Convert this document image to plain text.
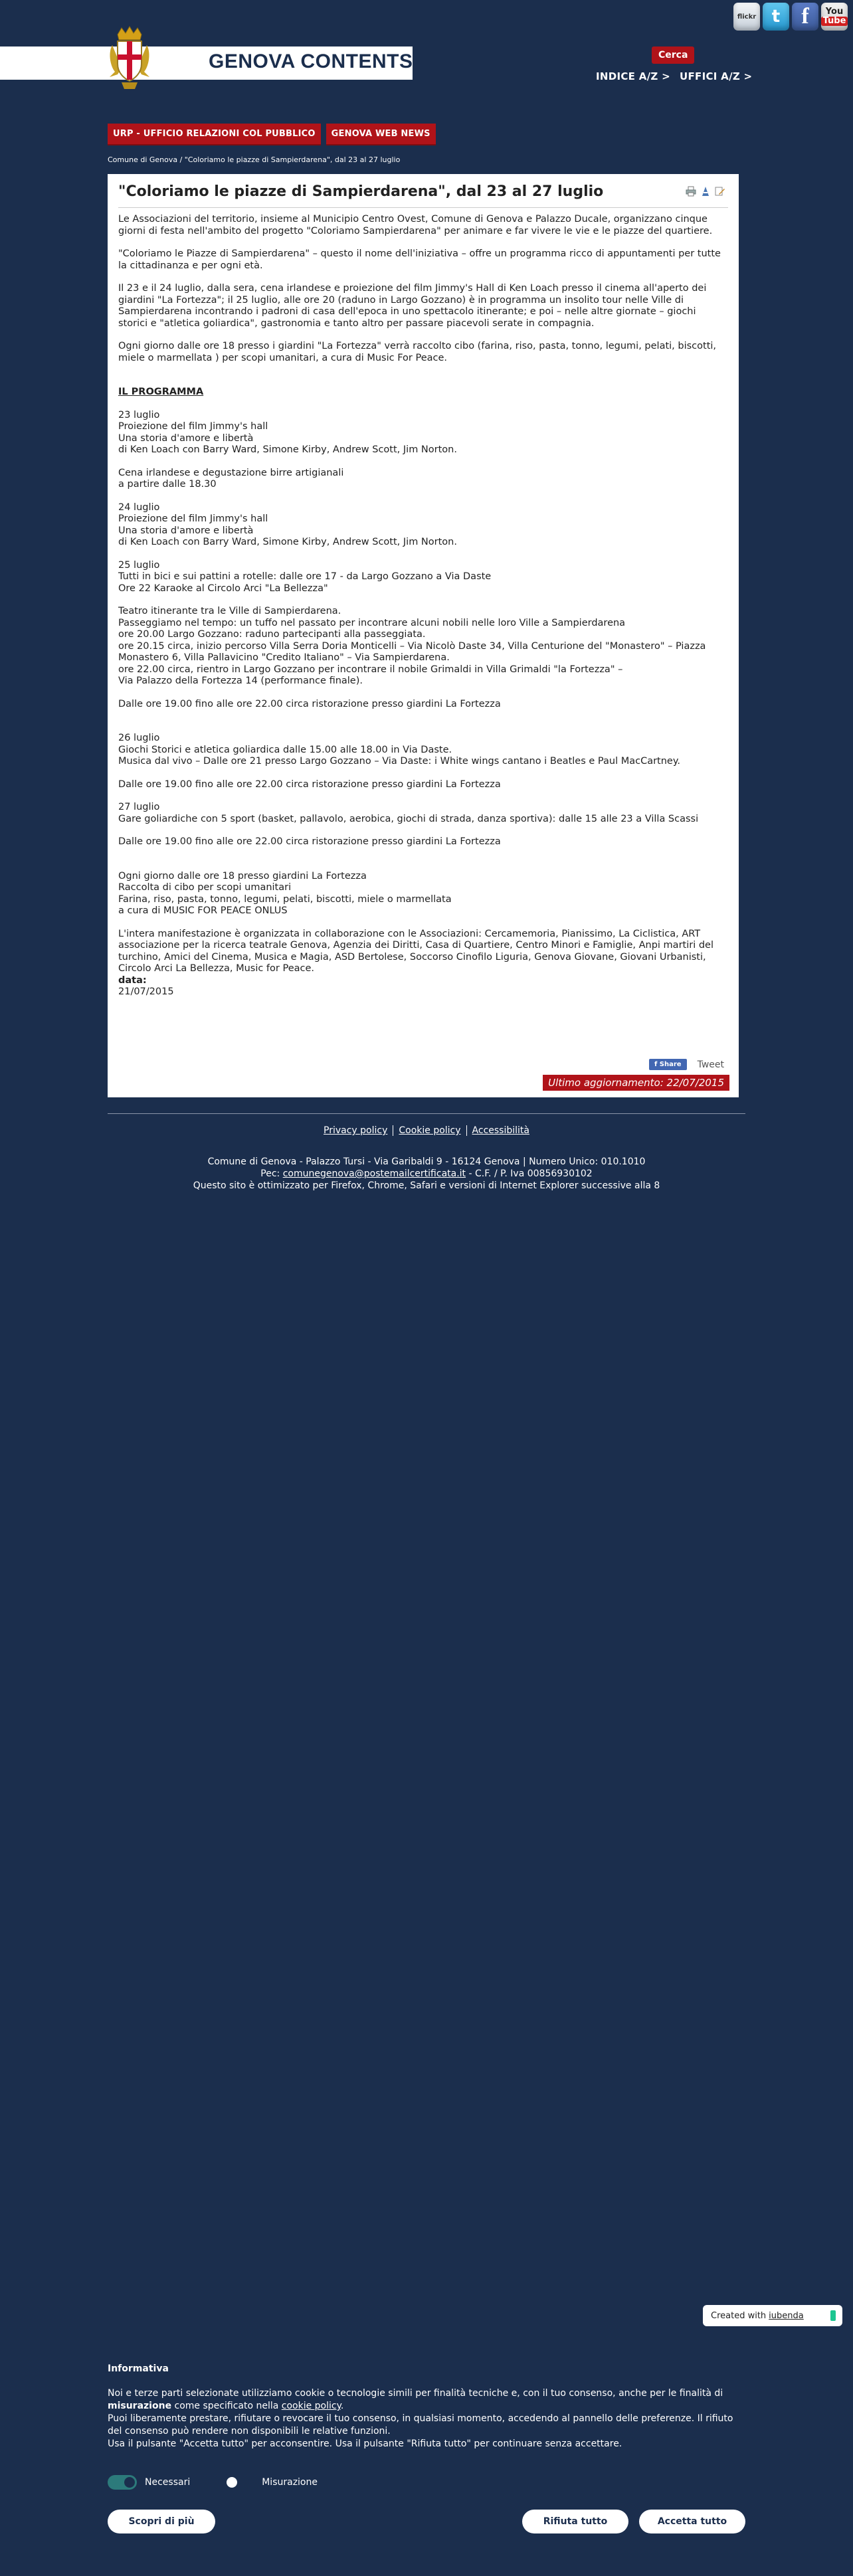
flickr t f	You
Tube
GENOVA CONTENTS	Cerca
INDICE A/Z > UFFICI A/Z >
URP - UFFICIO RELAZIONI COL PUBBLICO	GENOVA WEB NEWS
Comune di Genova / "Coloriamo le piazze di Sampierdarena", dal 23 al 27 luglio
"Coloriamo le piazze di Sampierdarena", dal 23 al 27 luglio

Le Associazioni del territorio, insieme al Municipio Centro Ovest, Comune di Genova e Palazzo Ducale, organizzano cinque giorni di festa nell'ambito del progetto "Coloriamo Sampierdarena" per animare e far vivere le vie e le piazze del quartiere.

"Coloriamo le Piazze di Sampierdarena" – questo il nome dell'iniziativa – offre un programma ricco di appuntamenti per tutte la cittadinanza e per ogni età.

Il 23 e il 24 luglio, dalla sera, cena irlandese e proiezione del film Jimmy's Hall di Ken Loach presso il cinema all'aperto dei giardini "La Fortezza"; il 25 luglio, alle ore 20 (raduno in Largo Gozzano) è in programma un insolito tour nelle Ville di Sampierdarena incontrando i padroni di casa dell'epoca in uno spettacolo itinerante; e poi – nelle altre giornate – giochi storici e "atletica goliardica", gastronomia e tanto altro per passare piacevoli serate in compagnia.

Ogni giorno dalle ore 18 presso i giardini "La Fortezza" verrà raccolto cibo (farina, riso, pasta, tonno, legumi, pelati, biscotti, miele o marmellata ) per scopi umanitari, a cura di Music For Peace.

IL PROGRAMMA

23 luglio
Proiezione del film Jimmy's hall
Una storia d'amore e libertà
di Ken Loach con Barry Ward, Simone Kirby, Andrew Scott, Jim Norton.
Cena irlandese e degustazione birre artigianali
a partire dalle 18.30
24 luglio
Proiezione del film Jimmy's hall
Una storia d'amore e libertà
di Ken Loach con Barry Ward, Simone Kirby, Andrew Scott, Jim Norton.
25 luglio
Tutti in bici e sui pattini a rotelle: dalle ore 17 - da Largo Gozzano a Via Daste
Ore 22 Karaoke al Circolo Arci "La Bellezza"
Teatro itinerante tra le Ville di Sampierdarena.
Passeggiamo nel tempo: un tuffo nel passato per incontrare alcuni nobili nelle loro Ville a Sampierdarena
ore 20.00 Largo Gozzano: raduno partecipanti alla passeggiata.
ore 20.15 circa, inizio percorso Villa Serra Doria Monticelli – Via Nicolò Daste 34, Villa Centurione del "Monastero" – Piazza Monastero 6, Villa Pallavicino "Credito Italiano" – Via Sampierdarena.
ore 22.00 circa, rientro in Largo Gozzano per incontrare il nobile Grimaldi in Villa Grimaldi "la Fortezza" –
Via Palazzo della Fortezza 14 (performance finale).
Dalle ore 19.00 fino alle ore 22.00 circa ristorazione presso giardini La Fortezza
26 luglio
Giochi Storici e atletica goliardica dalle 15.00 alle 18.00 in Via Daste.
Musica dal vivo – Dalle ore 21 presso Largo Gozzano – Via Daste: i White wings cantano i Beatles e Paul MacCartney.
Dalle ore 19.00 fino alle ore 22.00 circa ristorazione presso giardini La Fortezza
27 luglio
Gare goliardiche con 5 sport (basket, pallavolo, aerobica, giochi di strada, danza sportiva): dalle 15 alle 23 a Villa Scassi
Dalle ore 19.00 fino alle ore 22.00 circa ristorazione presso giardini La Fortezza
Ogni giorno dalle ore 18 presso giardini La Fortezza
Raccolta di cibo per scopi umanitari
Farina, riso, pasta, tonno, legumi, pelati, biscotti, miele o marmellata
a cura di MUSIC FOR PEACE ONLUS
L'intera manifestazione è organizzata in collaborazione con le Associazioni: Cercamemoria, Pianissimo, La Ciclistica, ART associazione per la ricerca teatrale Genova, Agenzia dei Diritti, Casa di Quartiere, Centro Minori e Famiglie, Anpi martiri del turchino, Amici del Cinema, Musica e Magia, ASD Bertolese, Soccorso Cinofilo Liguria, Genova Giovane, Giovani Urbanisti, Circolo Arci La Bellezza, Music for Peace.
data:
21/07/2015
f Share	Tweet
Ultimo aggiornamento: 22/07/2015
Privacy policy Cookie policy Accessibilità
Comune di Genova - Palazzo Tursi - Via Garibaldi 9 - 16124 Genova | Numero Unico: 010.1010
Pec: comunegenova@postemailcertificata.it - C.F. / P. Iva 00856930102
Questo sito è ottimizzato per Firefox, Chrome, Safari e versioni di Internet Explorer successive alla 8
Created with iubenda
Informativa
Noi e terze parti selezionate utilizziamo cookie o tecnologie simili per finalità tecniche e, con il tuo consenso, anche per le finalità di misurazione come specificato nella cookie policy.
Puoi liberamente prestare, rifiutare o revocare il tuo consenso, in qualsiasi momento, accedendo al pannello delle preferenze. Il rifiuto del consenso può rendere non disponibili le relative funzioni.
Usa il pulsante "Accetta tutto" per acconsentire. Usa il pulsante "Rifiuta tutto" per continuare senza accettare.
Necessari	Misurazione
Scopri di più	Rifiuta tutto	Accetta tutto
